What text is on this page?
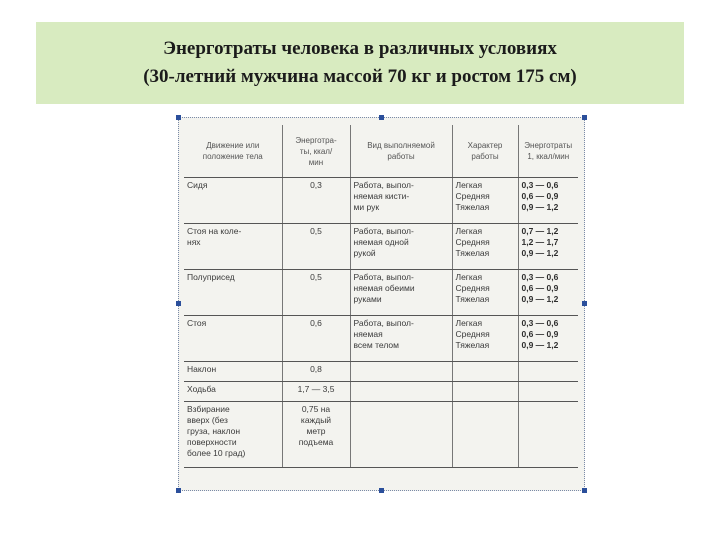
Энерготраты человека в различных условиях
(30-летний мужчина массой 70 кг и ростом 175 см)
Движение или
положение тела	Энерготра-
ты, ккал/
мин	Вид выполняемой
работы	Характер
работы	Энерготраты
1, ккал/мин

Сидя	0,3	Работа, выпол-
няемая кисти-
ми рук	Легкая
Средняя
Тяжелая	0,3 — 0,6
0,6 — 0,9
0,9 — 1,2

Стоя на коле-
нях	0,5	Работа, выпол-
няемая одной
рукой	Легкая
Средняя
Тяжелая	0,7 — 1,2
1,2 — 1,7
0,9 — 1,2

Полуприсед	0,5	Работа, выпол-
няемая обеими
руками	Легкая
Средняя
Тяжелая	0,3 — 0,6
0,6 — 0,9
0,9 — 1,2

Стоя	0,6	Работа, выпол-
няемая
всем телом	Легкая
Средняя
Тяжелая	0,3 — 0,6
0,6 — 0,9
0,9 — 1,2

Наклон	0,8			

Ходьба	1,7 — 3,5			

Взбирание
вверх (без
груза, наклон
поверхности
более 10 град)	0,75 на
каждый
метр
подъема			
